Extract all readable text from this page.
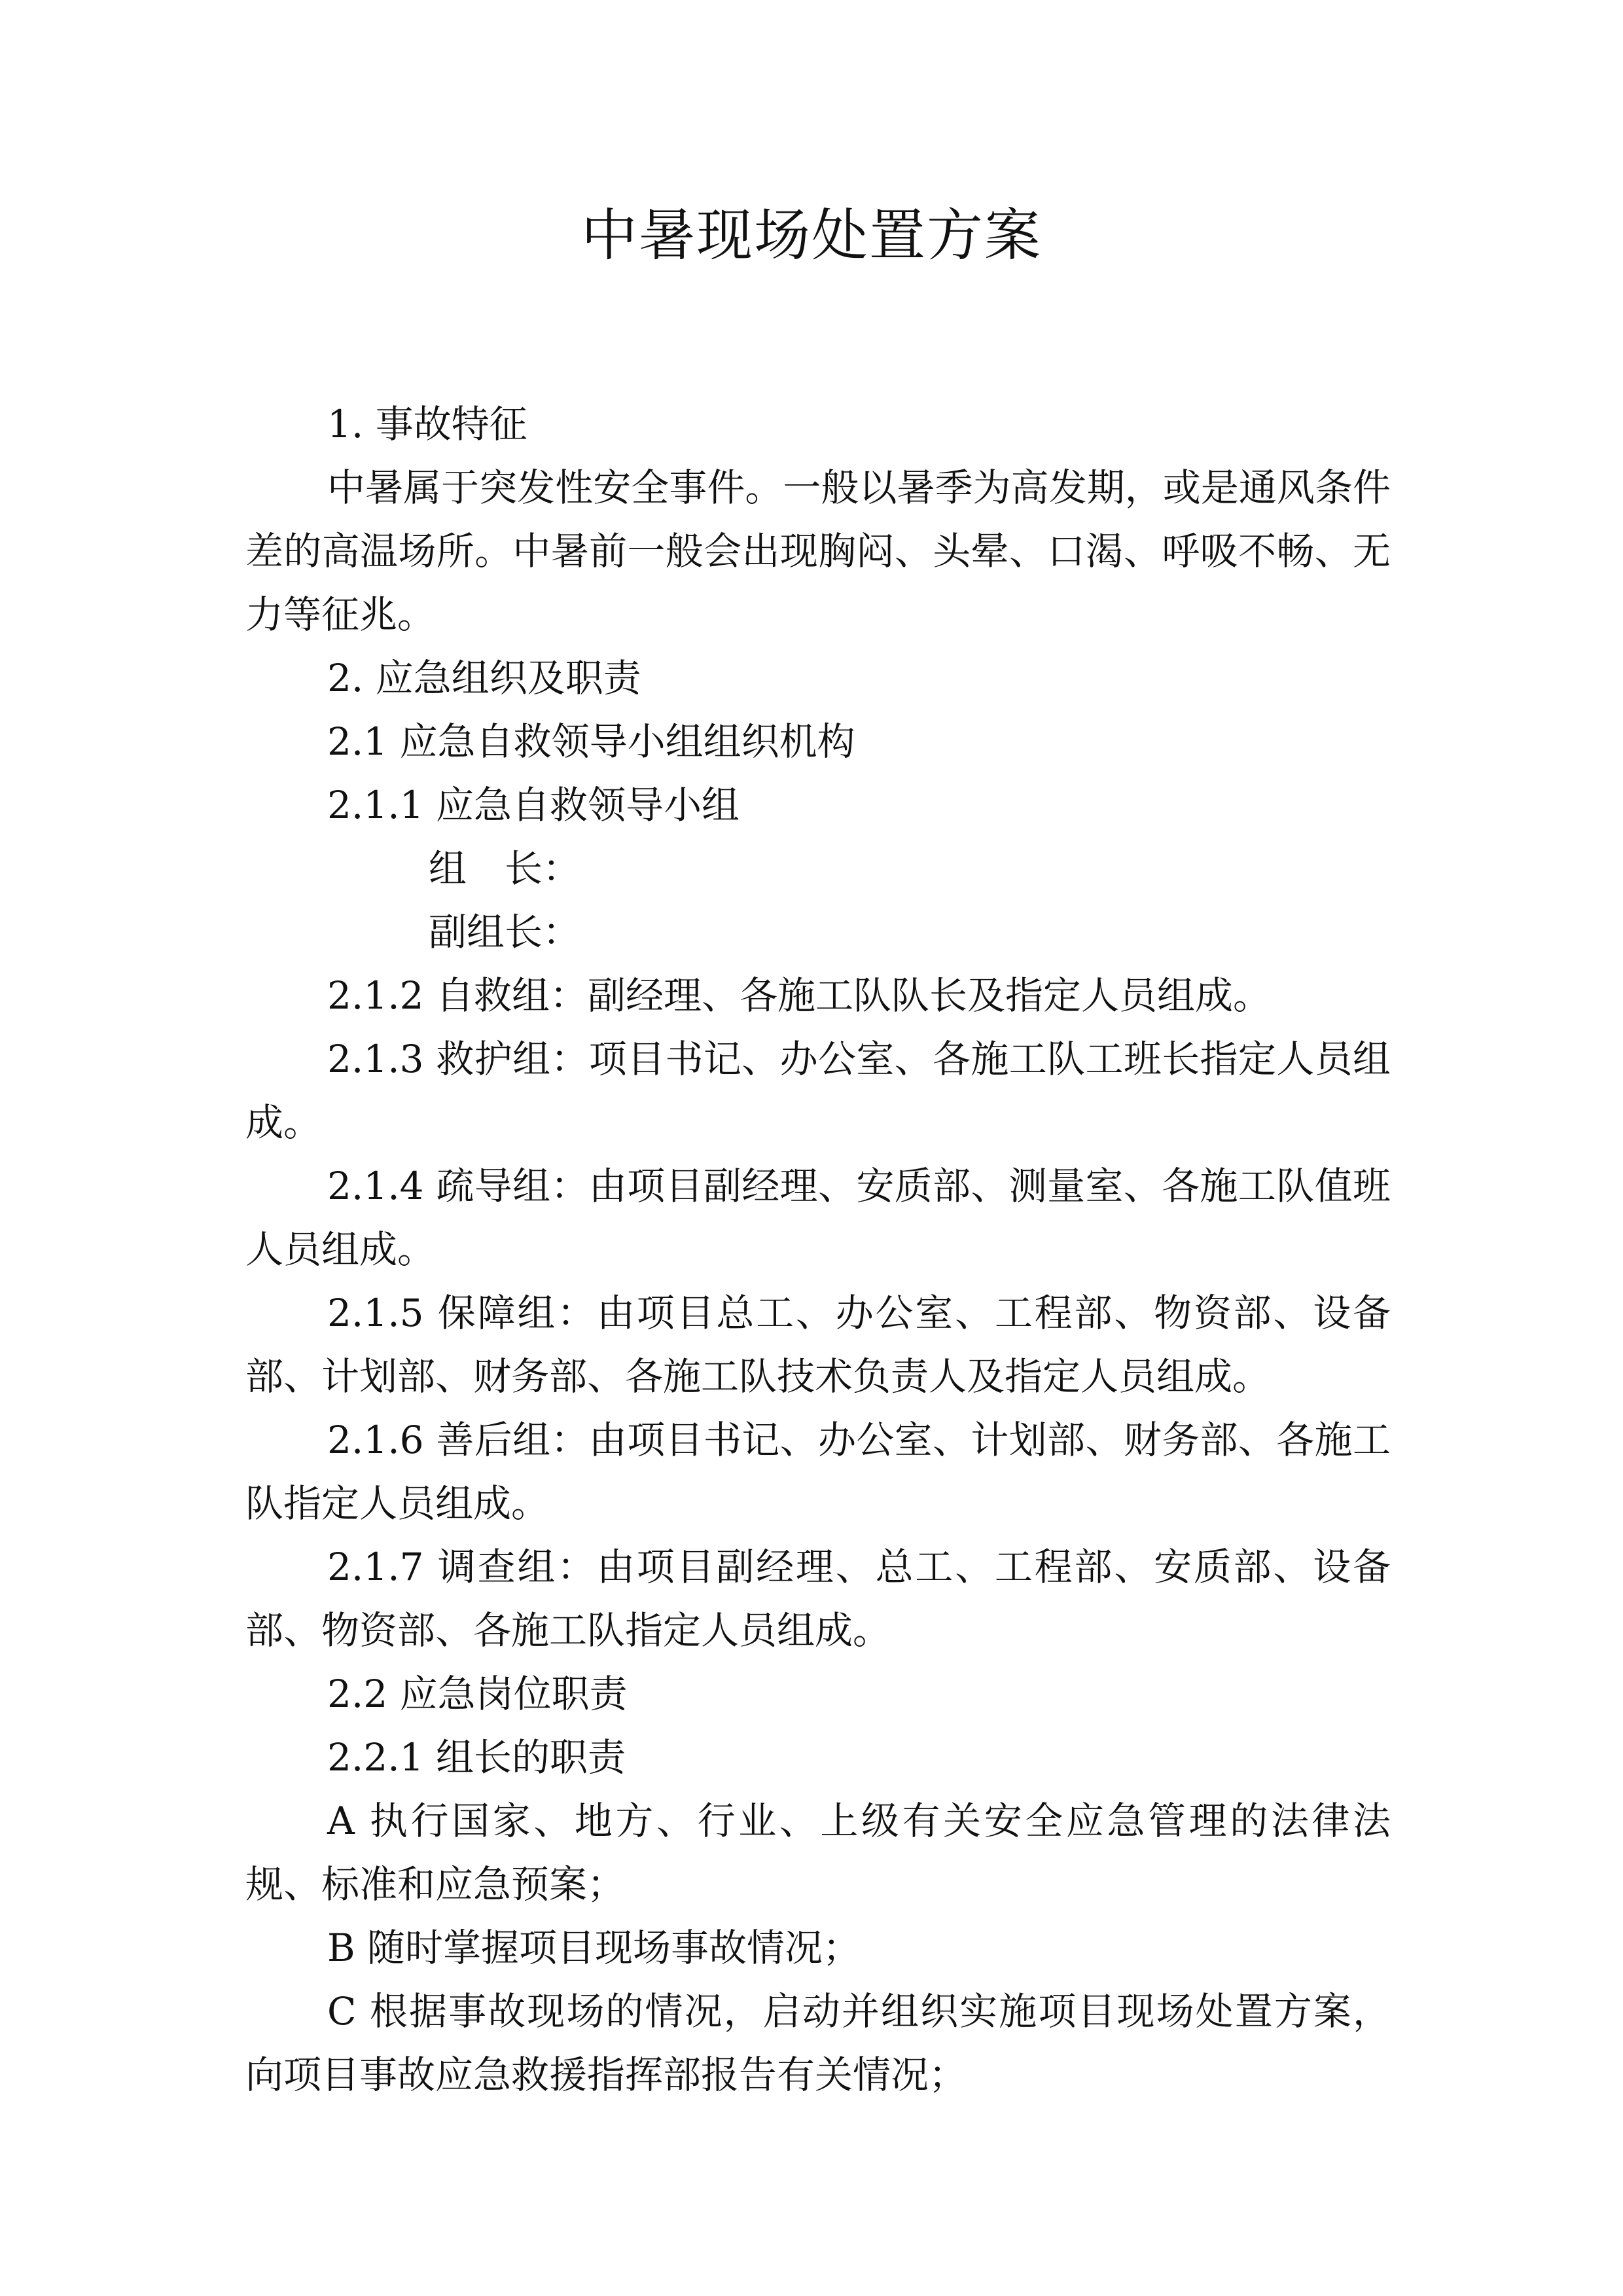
中暑现场处置方案

1. 事故特征

中暑属于突发性安全事件。一般以暑季为高发期，或是通风条件差的高温场所。中暑前一般会出现胸闷、头晕、口渴、呼吸不畅、无力等征兆。

2. 应急组织及职责

2.1 应急自救领导小组组织机构

2.1.1 应急自救领导小组

组　长：

副组长：

2.1.2 自救组：副经理、各施工队队长及指定人员组成。

2.1.3 救护组：项目书记、办公室、各施工队工班长指定人员组成。

2.1.4 疏导组：由项目副经理、安质部、测量室、各施工队值班人员组成。

2.1.5 保障组：由项目总工、办公室、工程部、物资部、设备部、计划部、财务部、各施工队技术负责人及指定人员组成。

2.1.6 善后组：由项目书记、办公室、计划部、财务部、各施工队指定人员组成。

2.1.7 调查组：由项目副经理、总工、工程部、安质部、设备部、物资部、各施工队指定人员组成。

2.2 应急岗位职责

2.2.1 组长的职责

A 执行国家、地方、行业、上级有关安全应急管理的法律法规、标准和应急预案；

B 随时掌握项目现场事故情况；

C 根据事故现场的情况，启动并组织实施项目现场处置方案，向项目事故应急救援指挥部报告有关情况；
